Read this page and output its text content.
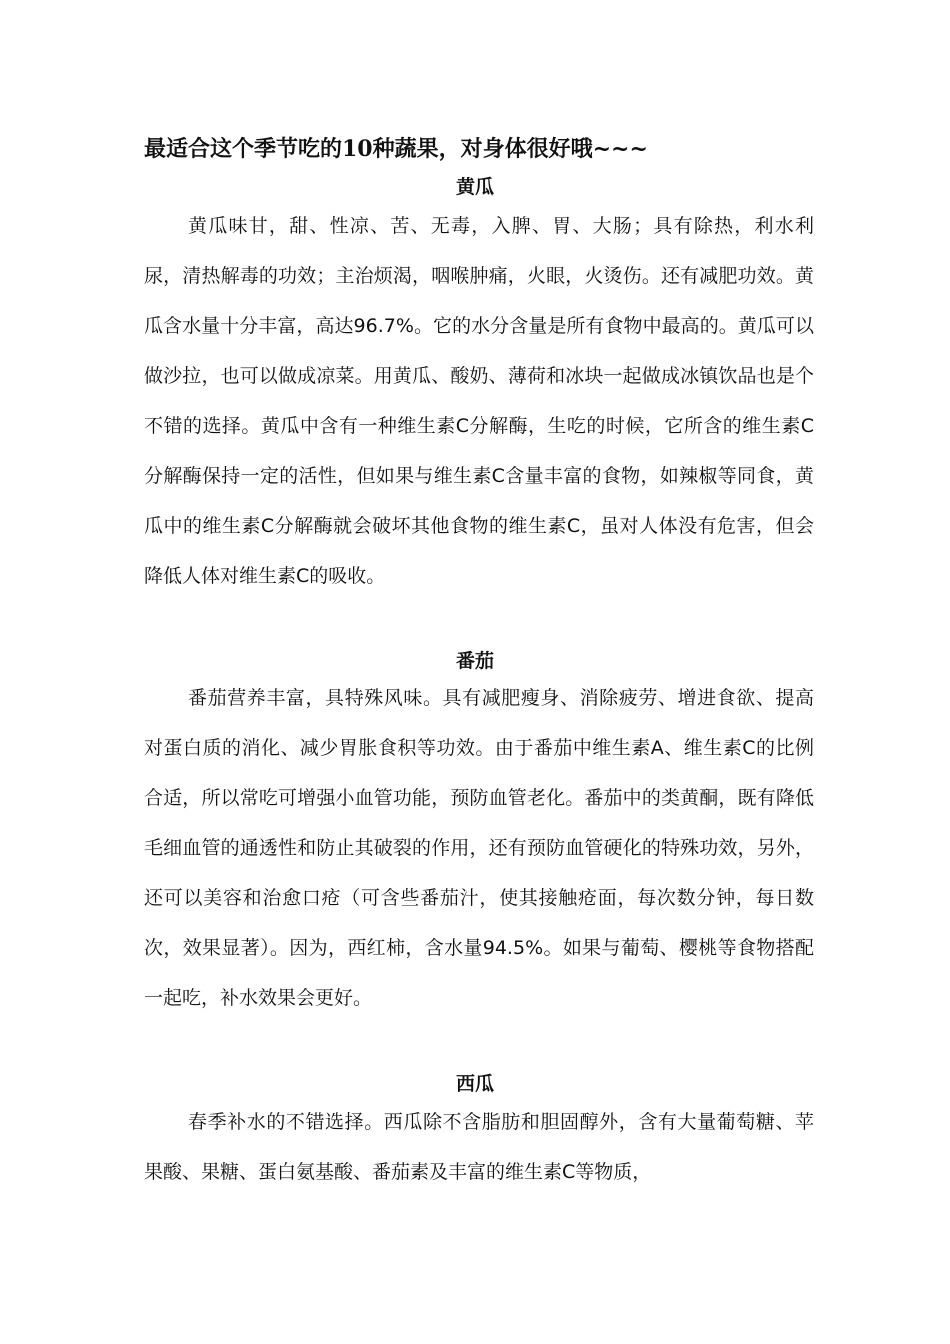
最适合这个季节吃的10种蔬果，对身体很好哦~~~
黄瓜
黄瓜味甘，甜、性凉、苦、无毒，入脾、胃、大肠；具有除热，利水利尿，清热解毒的功效；主治烦渴，咽喉肿痛，火眼，火烫伤。还有减肥功效。黄瓜含水量十分丰富，高达96.7%。它的水分含量是所有食物中最高的。黄瓜可以做沙拉，也可以做成凉菜。用黄瓜、酸奶、薄荷和冰块一起做成冰镇饮品也是个不错的选择。黄瓜中含有一种维生素C分解酶，生吃的时候，它所含的维生素C分解酶保持一定的活性，但如果与维生素C含量丰富的食物，如辣椒等同食，黄瓜中的维生素C分解酶就会破坏其他食物的维生素C，虽对人体没有危害，但会降低人体对维生素C的吸收。
番茄
番茄营养丰富，具特殊风味。具有减肥瘦身、消除疲劳、增进食欲、提高对蛋白质的消化、减少胃胀食积等功效。由于番茄中维生素A、维生素C的比例合适，所以常吃可增强小血管功能，预防血管老化。番茄中的类黄酮，既有降低毛细血管的通透性和防止其破裂的作用，还有预防血管硬化的特殊功效，另外，还可以美容和治愈口疮（可含些番茄汁，使其接触疮面，每次数分钟，每日数次，效果显著）。因为，西红柿，含水量94.5%。如果与葡萄、樱桃等食物搭配一起吃，补水效果会更好。
西瓜
春季补水的不错选择。西瓜除不含脂肪和胆固醇外，含有大量葡萄糖、苹果酸、果糖、蛋白氨基酸、番茄素及丰富的维生素C等物质，
